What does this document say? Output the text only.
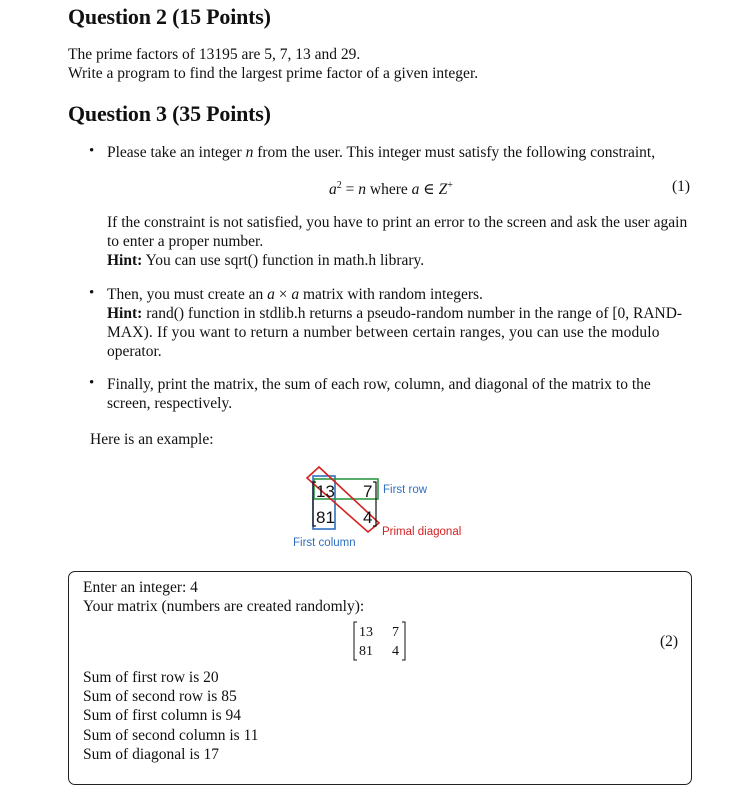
Question 2 (15 Points)
The prime factors of 13195 are 5, 7, 13 and 29.
Write a program to find the largest prime factor of a given integer.
Question 3 (35 Points)
• Please take an integer n from the user. This integer must satisfy the following constraint,
$a^2 = n$ where a ∈ Z+	(1)
If the constraint is not satisfied, you have to print an error to the screen and ask the user again
to enter a proper number.
Hint: You can use sqrt() function in math.h library.
• Then, you must create an a × a matrix with random integers.
Hint: rand() function in stdlib.h returns a pseudo-random number in the range of [0, RAND-
MAX). If you want to return a number between certain ranges, you can use the modulo
operator.
• Finally, print the matrix, the sum of each row, column, and diagonal of the matrix to the
screen, respectively.
Here is an example:
13 7
81 4
First row
Primal diagonal
First column
Enter an integer: 4
Your matrix (numbers are created randomly):
13 7
81 4
(2)
Sum of first row is 20
Sum of second row is 85
Sum of first column is 94
Sum of second column is 11
Sum of diagonal is 17
